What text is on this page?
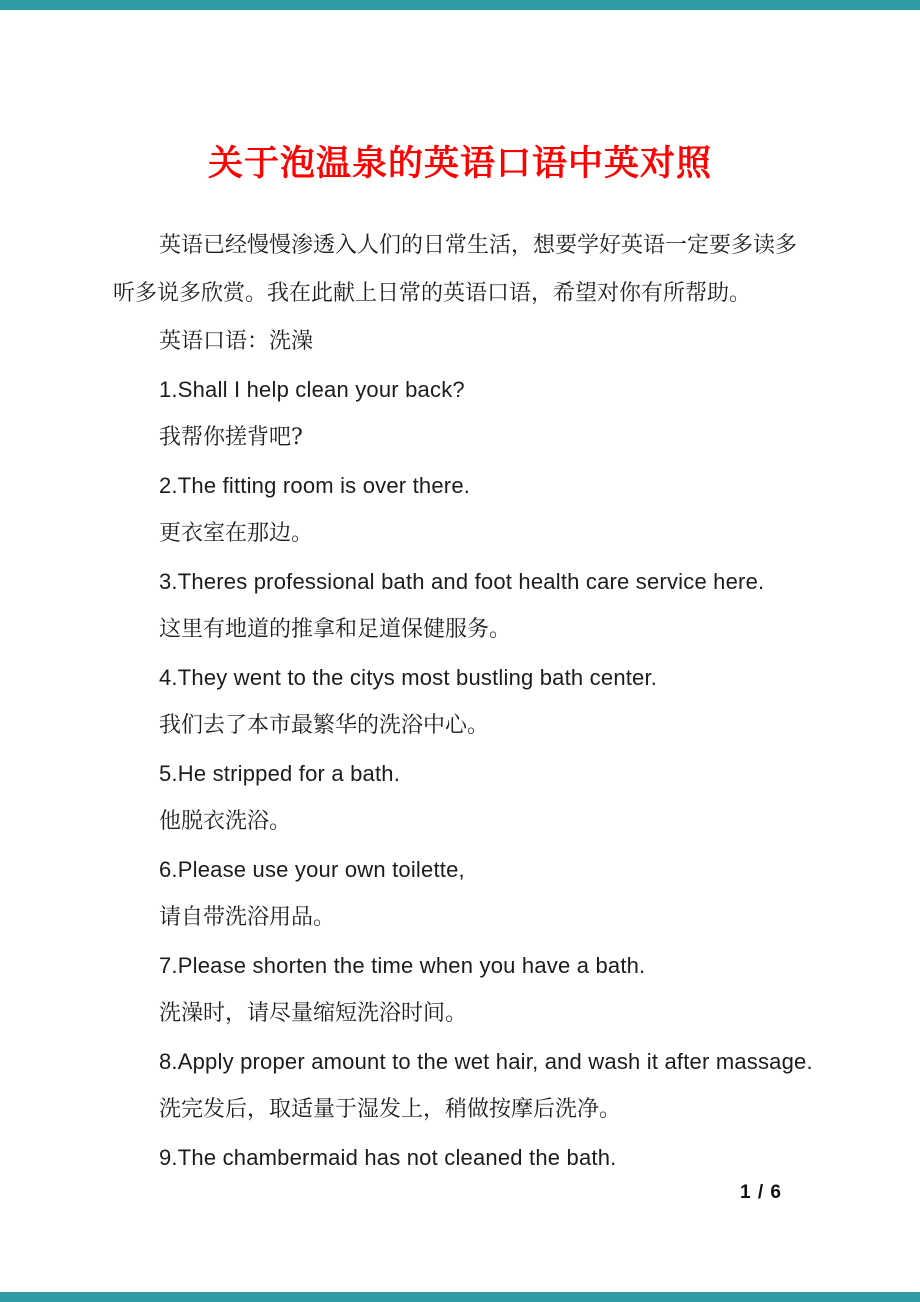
关于泡温泉的英语口语中英对照
英语已经慢慢渗透入人们的日常生活，想要学好英语一定要多读多
听多说多欣赏。我在此献上日常的英语口语，希望对你有所帮助。
英语口语：洗澡
1.Shall I help clean your back?
我帮你搓背吧?
2.The fitting room is over there.
更衣室在那边。
3.Theres professional bath and foot health care service here.
这里有地道的推拿和足道保健服务。
4.They went to the citys most bustling bath center.
我们去了本市最繁华的洗浴中心。
5.He stripped for a bath.
他脱衣洗浴。
6.Please use your own toilette,
请自带洗浴用品。
7.Please shorten the time when you have a bath.
洗澡时，请尽量缩短洗浴时间。
8.Apply proper amount to the wet hair, and wash it after massage.
洗完发后，取适量于湿发上，稍做按摩后洗净。
9.The chambermaid has not cleaned the bath.
1 / 6
